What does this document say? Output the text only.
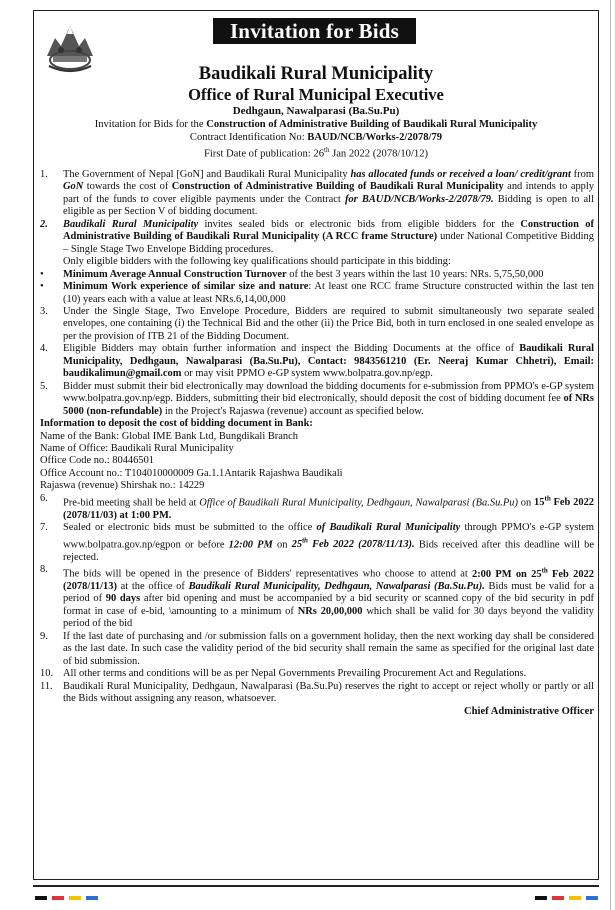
Invitation for Bids
Baudikali Rural Municipality
Office of Rural Municipal Executive
Dedhgaun, Nawalparasi (Ba.Su.Pu)
Invitation for Bids for the Construction of Administrative Building of Baudikali Rural Municipality
Contract Identification No: BAUD/NCB/Works-2/2078/79
First Date of publication: 26th Jan 2022 (2078/10/12)
1. The Government of Nepal [GoN] and Baudikali Rural Municipality has allocated funds or received a loan/ credit/grant from GoN towards the cost of Construction of Administrative Building of Baudikali Rural Municipality and intends to apply part of the funds to cover eligible payments under the Contract for BAUD/NCB/Works-2/2078/79. Bidding is open to all eligible as per Section V of bidding document.
2. Baudikali Rural Municipality invites sealed bids or electronic bids from eligible bidders for the Construction of Administrative Building of Baudikali Rural Municipality (A RCC frame Structure) under National Competitive Bidding – Single Stage Two Envelope Bidding procedures.
Only eligible bidders with the following key qualifications should participate in this bidding:
• Minimum Average Annual Construction Turnover of the best 3 years within the last 10 years: NRs. 5,75,50,000
• Minimum Work experience of similar size and nature: At least one RCC frame Structure constructed within the last ten (10) years each with a value at least NRs.6,14,00,000
3. Under the Single Stage, Two Envelope Procedure, Bidders are required to submit simultaneously two separate sealed envelopes, one containing (i) the Technical Bid and the other (ii) the Price Bid, both in turn enclosed in one sealed envelope as per the provision of ITB 21 of the Bidding Document.
4. Eligible Bidders may obtain further information and inspect the Bidding Documents at the office of Baudikali Rural Municipality, Dedhgaun, Nawalparasi (Ba.Su.Pu), Contact: 9843561210 (Er. Neeraj Kumar Chhetri), Email: baudikalimun@gmail.com or may visit PPMO e-GP system www.bolpatra.gov.np/egp.
5. Bidder must submit their bid electronically may download the bidding documents for e-submission from PPMO's e-GP system www.bolpatra.gov.np/egp. Bidders, submitting their bid electronically, should deposit the cost of bidding document fee of NRs 5000 (non-refundable) in the Project's Rajaswa (revenue) account as specified below.
Information to deposit the cost of bidding document in Bank:
Name of the Bank: Global IME Bank Ltd, Bungdikali Branch
Name of Office: Baudikali Rural Municipality
Office Code no.: 80446501
Office Account no.: T104010000009 Ga.1.1Antarik Rajashwa Baudikali
Rajaswa (revenue) Shirshak no.: 14229
6. Pre-bid meeting shall be held at Office of Baudikali Rural Municipality, Dedhgaun, Nawalparasi (Ba.Su.Pu) on 15th Feb 2022 (2078/11/03) at 1:00 PM.
7. Sealed or electronic bids must be submitted to the office of Baudikali Rural Municipality through PPMO's e-GP system www.bolpatra.gov.np/egpon or before 12:00 PM on 25th Feb 2022 (2078/11/13). Bids received after this deadline will be rejected.
8. The bids will be opened in the presence of Bidders' representatives who choose to attend at 2:00 PM on 25th Feb 2022 (2078/11/13) at the office of Baudikali Rural Municipality, Dedhgaun, Nawalparasi (Ba.Su.Pu). Bids must be valid for a period of 90 days after bid opening and must be accompanied by a bid security or scanned copy of the bid security in pdf format in case of e-bid, \amounting to a minimum of NRs 20,00,000 which shall be valid for 30 days beyond the validity period of the bid
9. If the last date of purchasing and /or submission falls on a government holiday, then the next working day shall be considered as the last date. In such case the validity period of the bid security shall remain the same as specified for the original last date of bid submission.
10. All other terms and conditions will be as per Nepal Governments Prevailing Procurement Act and Regulations.
11. Baudikali Rural Municipality, Dedhgaun, Nawalparasi (Ba.Su.Pu) reserves the right to accept or reject wholly or partly or all the Bids without assigning any reason, whatsoever.
Chief Administrative Officer
